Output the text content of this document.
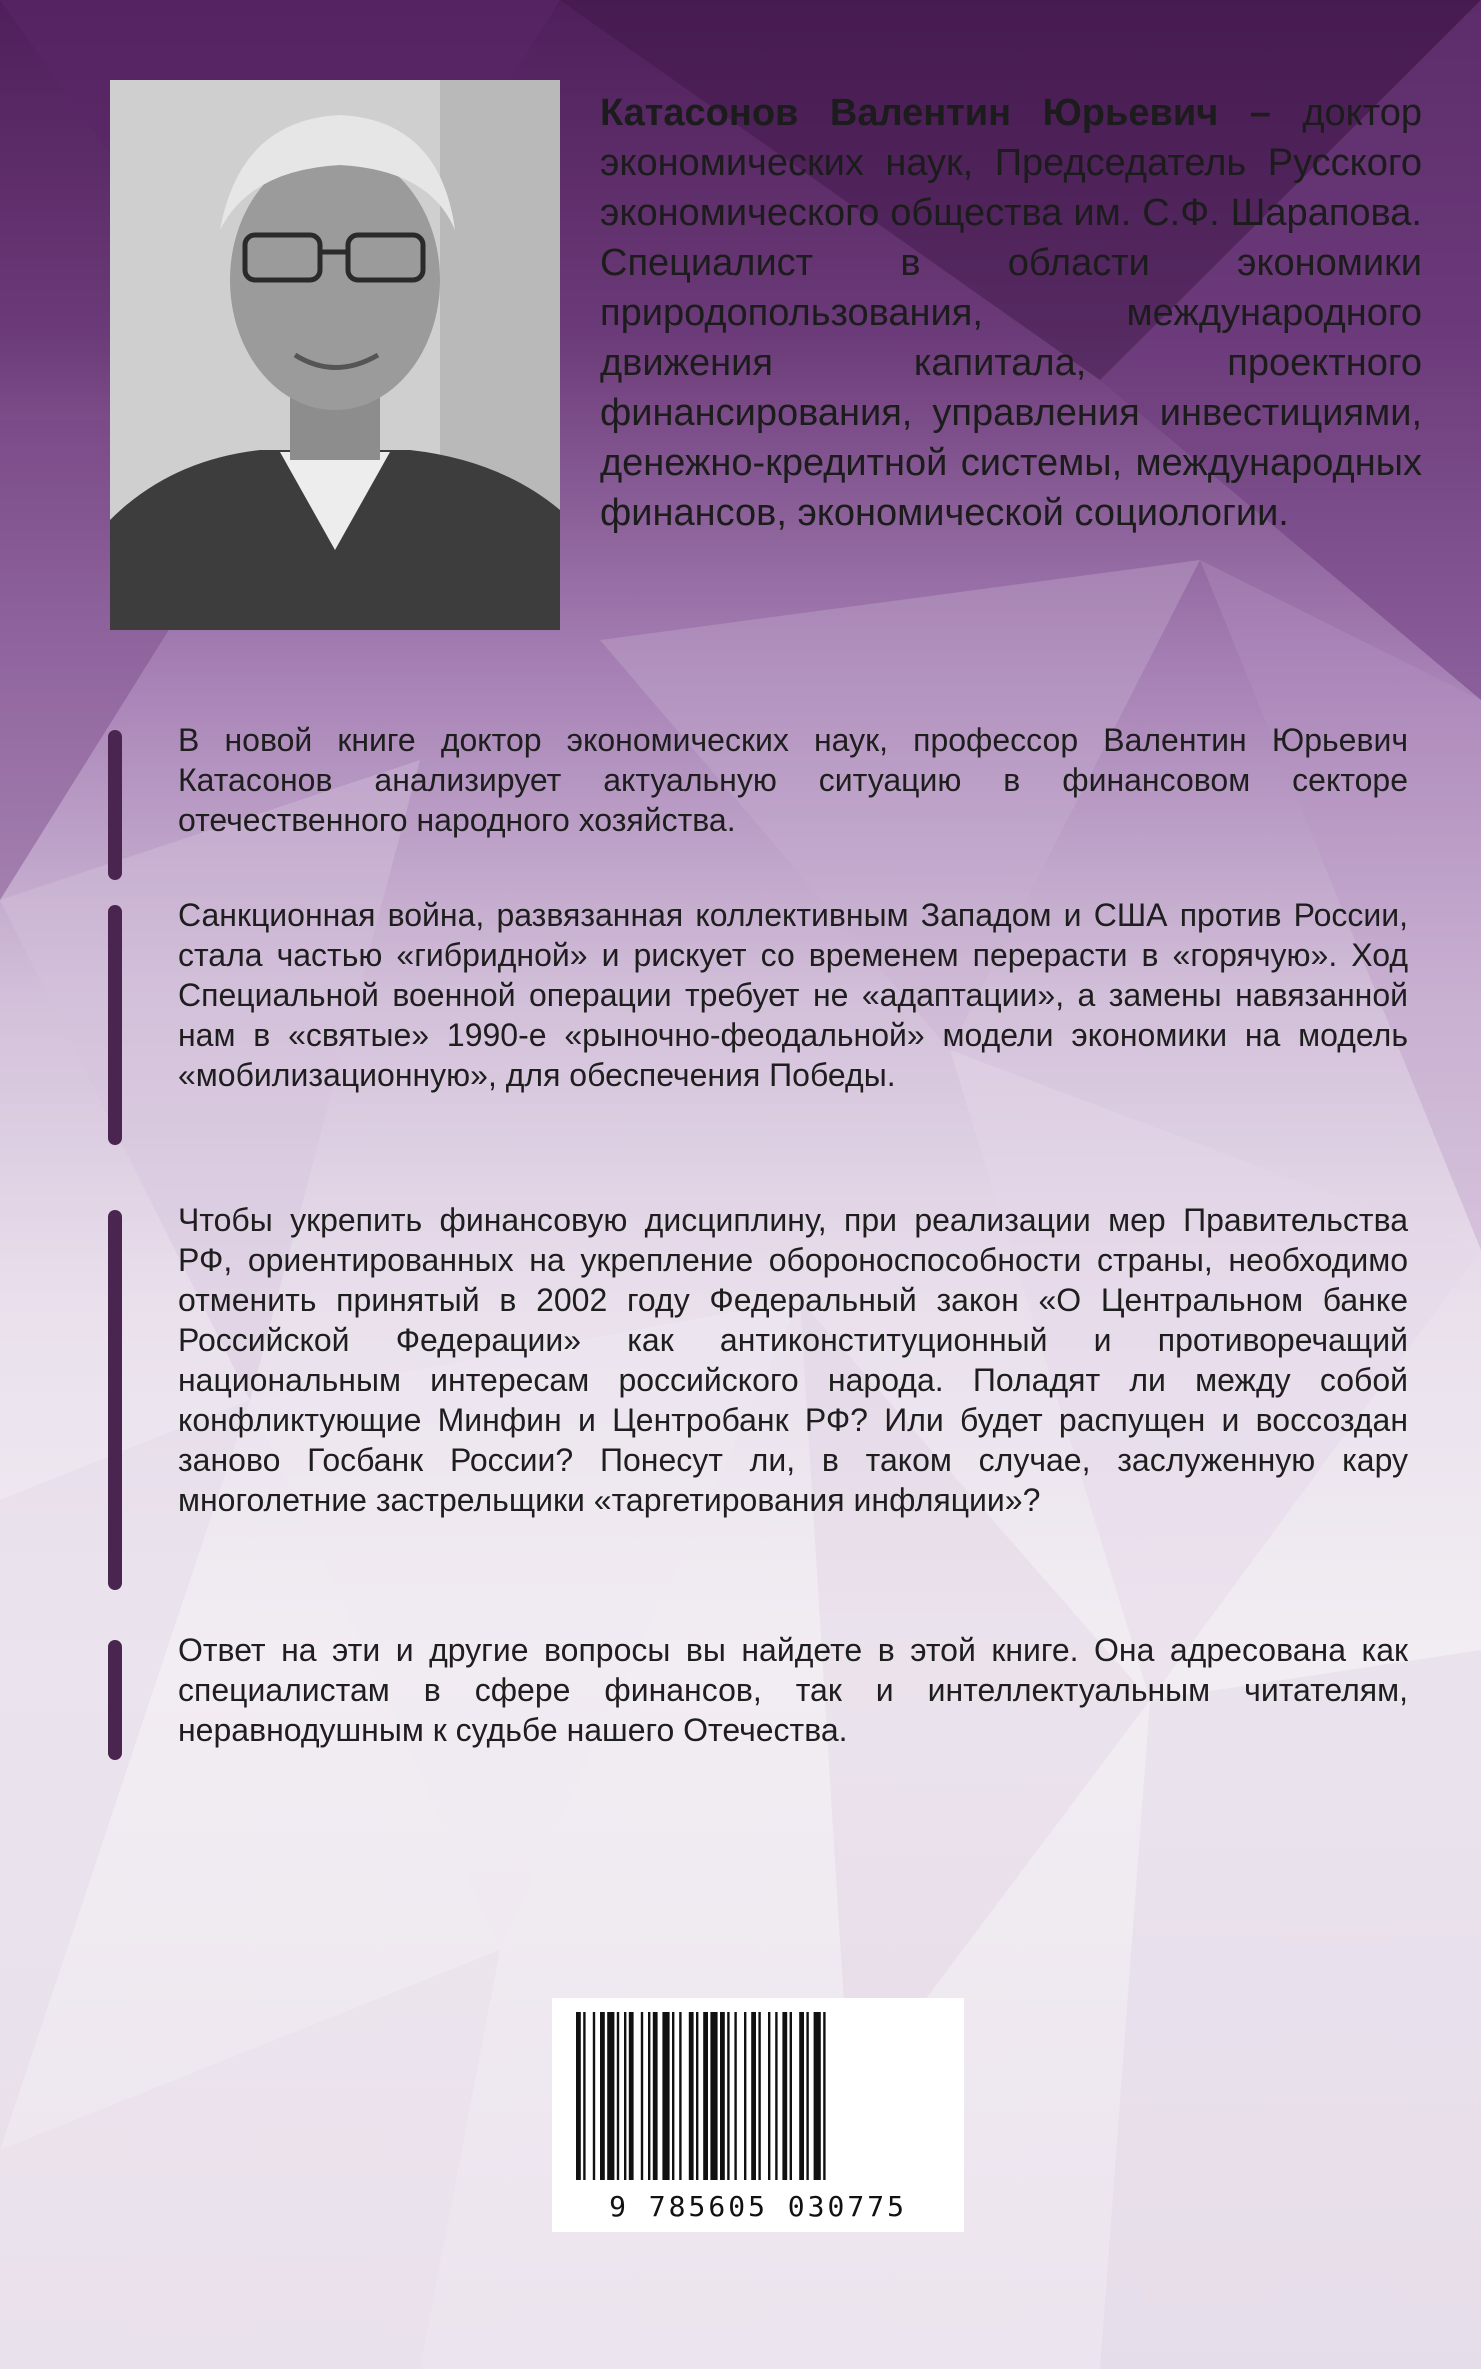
Катасонов Валентин Юрьевич – доктор экономических наук, Председатель Русского экономического общества им. С.Ф. Шарапова. Специалист в области экономики природопользования, международного движения капитала, проектного финансирования, управления инвестициями, денежно-кредитной системы, международных финансов, экономической социологии.

В новой книге доктор экономических наук, профессор Валентин Юрьевич Катасонов анализирует актуальную ситуацию в финансовом секторе отечественного народного хозяйства.

Санкционная война, развязанная коллективным Западом и США против России, стала частью «гибридной» и рискует со временем перерасти в «горячую». Ход Специальной военной операции требует не «адаптации», а замены навязанной нам в «святые» 1990-е «рыночно-феодальной» модели экономики на модель «мобилизационную», для обеспечения Победы.

Чтобы укрепить финансовую дисциплину, при реализации мер Правительства РФ, ориентированных на укрепление обороноспособности страны, необходимо отменить принятый в 2002 году Федеральный закон «О Центральном банке Российской Федерации» как антиконституционный и противоречащий национальным интересам российского народа. Поладят ли между собой конфликтующие Минфин и Центробанк РФ? Или будет распущен и воссоздан заново Госбанк России? Понесут ли, в таком случае, заслуженную кару многолетние застрельщики «таргетирования инфляции»?

Ответ на эти и другие вопросы вы найдете в этой книге. Она адресована как специалистам в сфере финансов, так и интеллектуальным читателям, неравнодушным к судьбе нашего Отечества.

9 785605 030775
